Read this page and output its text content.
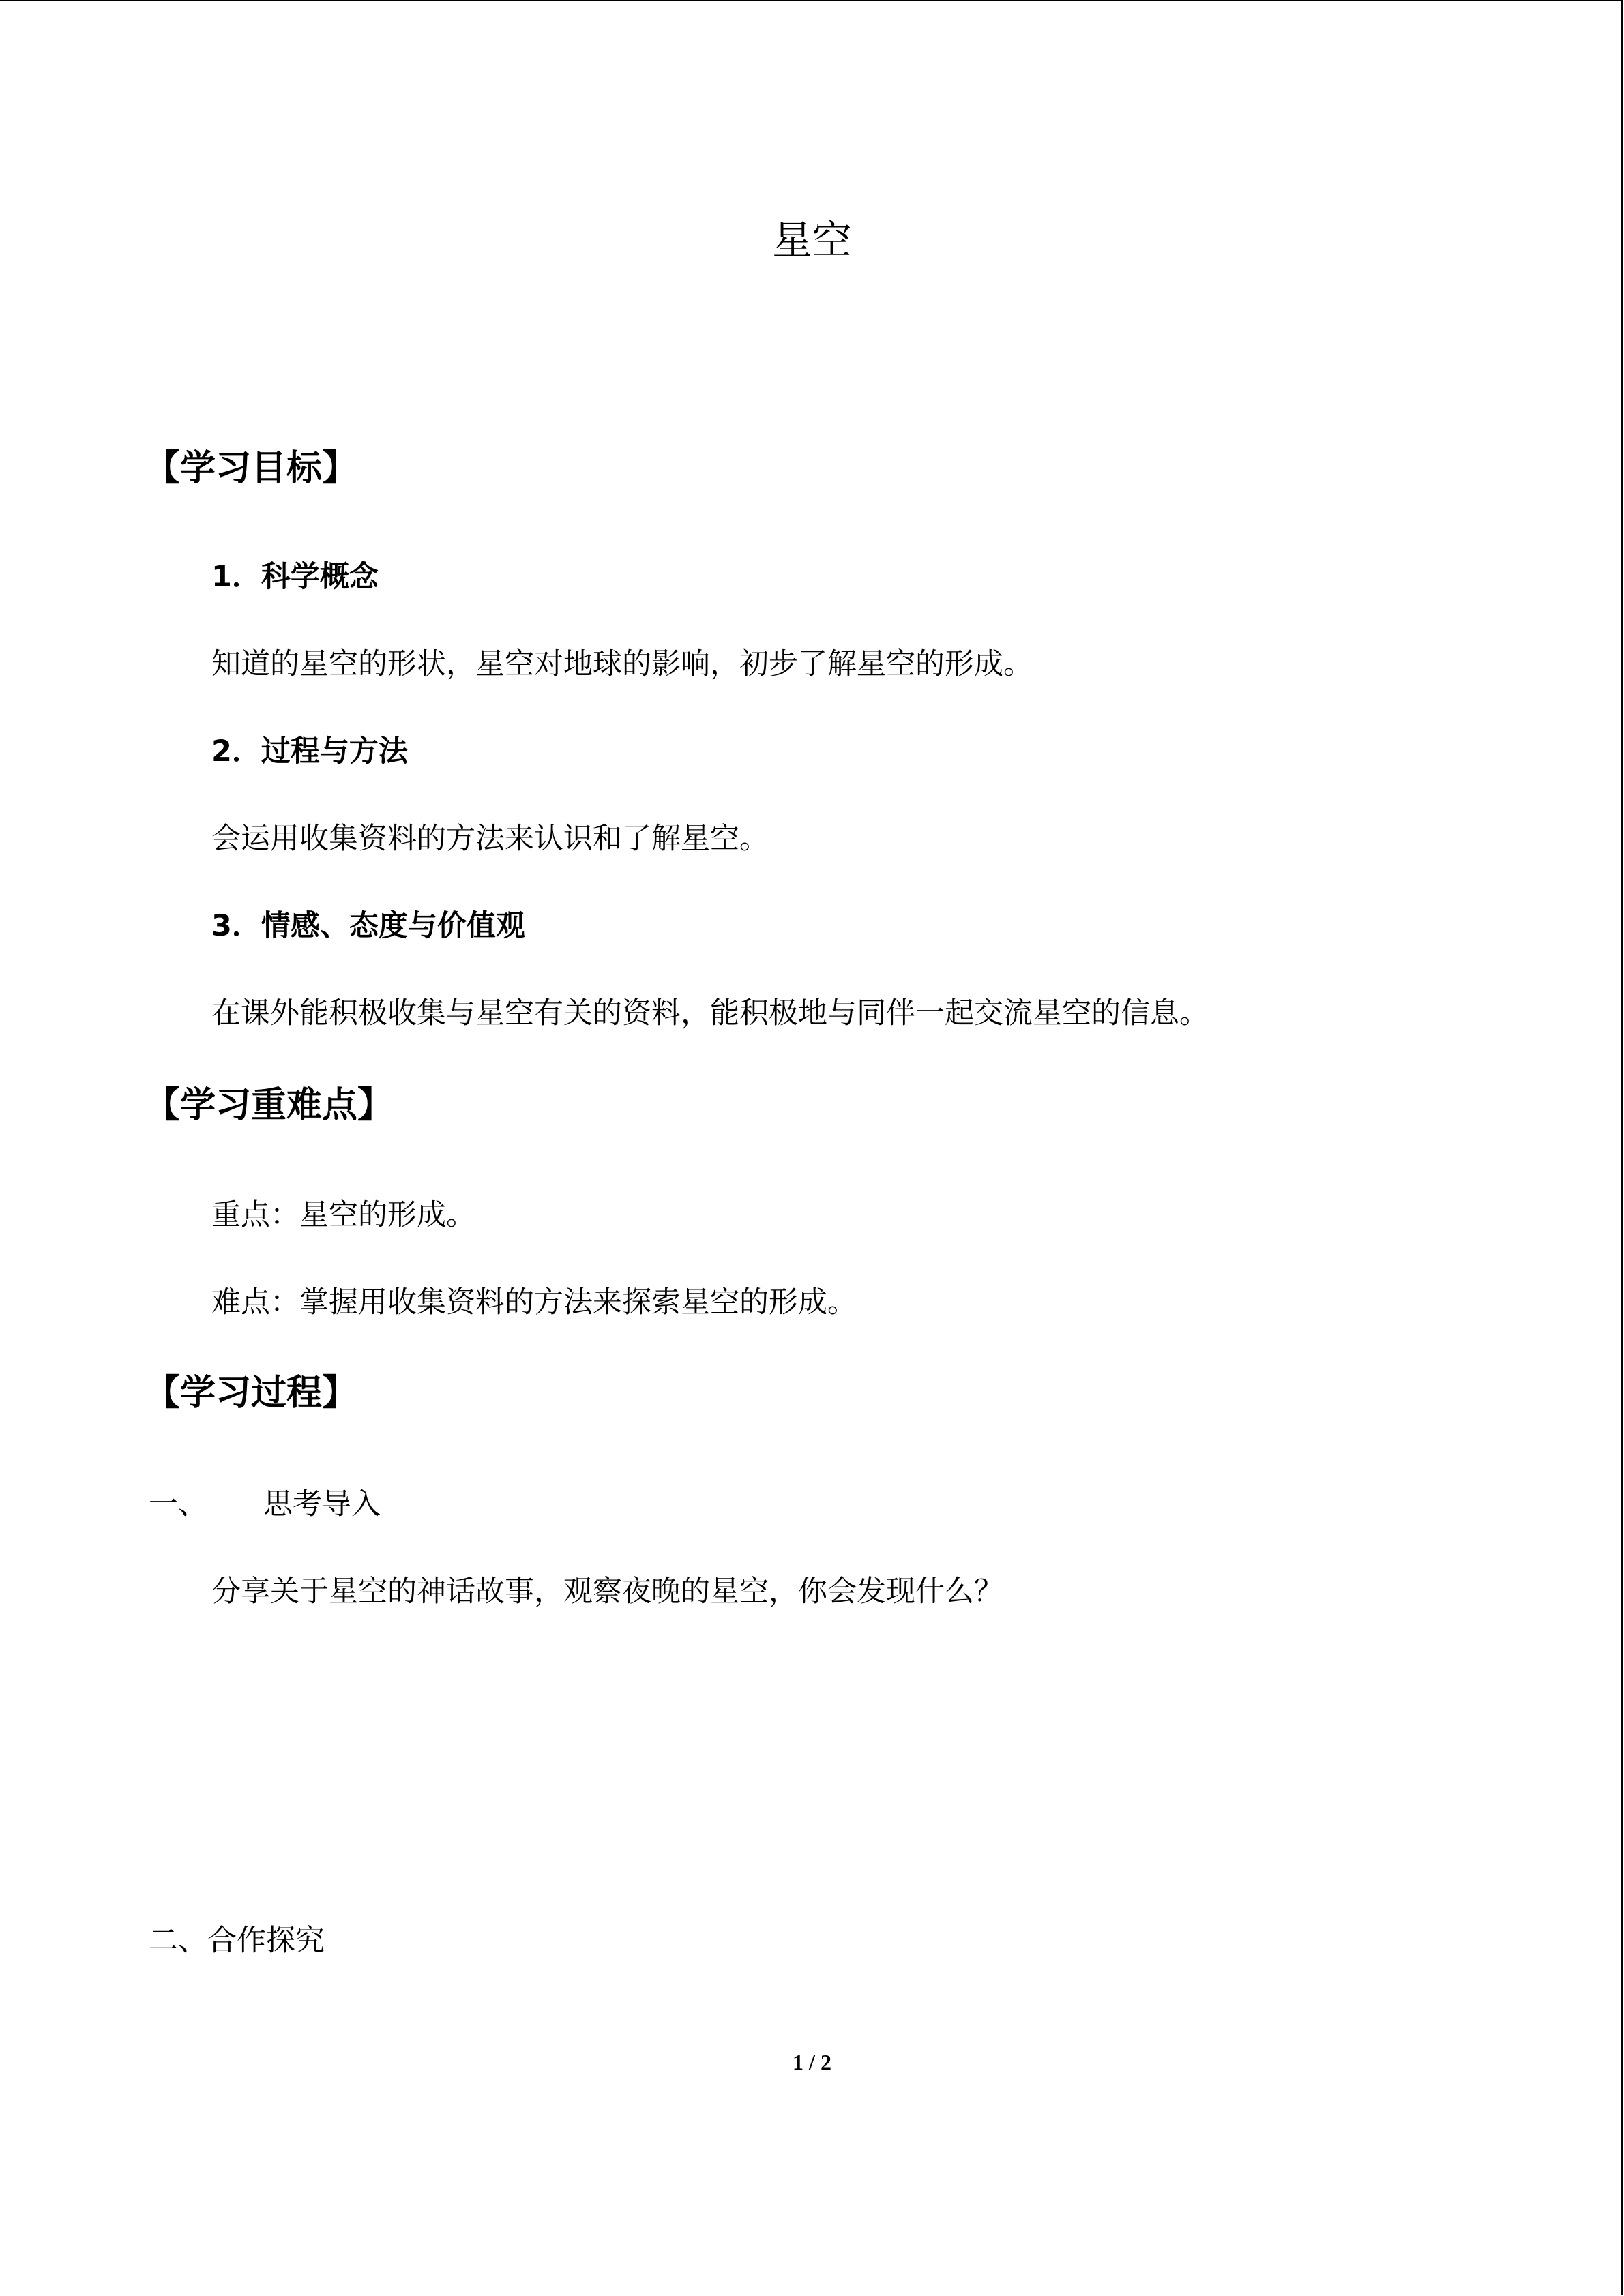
星空
【学习目标】
1．科学概念
知道的星空的形状，星空对地球的影响，初步了解星空的形成。
2．过程与方法
会运用收集资料的方法来认识和了解星空。
3．情感、态度与价值观
在课外能积极收集与星空有关的资料，能积极地与同伴一起交流星空的信息。
【学习重难点】
重点：星空的形成。
难点：掌握用收集资料的方法来探索星空的形成。
【学习过程】
一、 思考导入
分享关于星空的神话故事，观察夜晚的星空，你会发现什么？
二、合作探究
1 / 2
